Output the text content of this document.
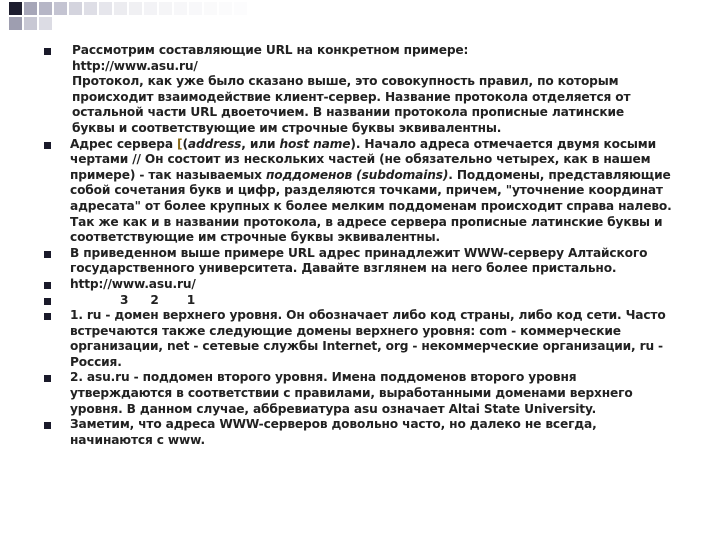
Рассмотрим составляющие URL на конкретном примере:
http://www.asu.ru/
Протокол, как уже было сказано выше, это совокупность правил, по которым
происходит взаимодействие клиент-сервер. Название протокола отделяется от
остальной части URL двоеточием. В названии протокола прописные латинские
буквы и соответствующие им строчные буквы эквивалентны.
Адрес сервера [(address, или host name). Начало адреса отмечается двумя косыми
чертами // Он состоит из нескольких частей (не обязательно четырех, как в нашем
примере) - так называемых поддоменов (subdomains). Поддомены, представляющие
собой сочетания букв и цифр, разделяются точками, причем, "уточнение координат
адресата" от более крупных к более мелким поддоменам происходит справа налево.
Так же как и в названии протокола, в адресе сервера прописные латинские буквы и
соответствующие им строчные буквы эквивалентны.
В приведенном выше примере URL адрес принадлежит WWW-серверу Алтайского
государственного университета. Давайте взглянем на него более пристально.
http://www.asu.ru/
3 2 1
1. ru - домен верхнего уровня. Он обозначает либо код страны, либо код сети. Часто
встречаются также следующие домены верхнего уровня: com - коммерческие
организации, net - сетевые службы Internet, org - некоммерческие организации, ru -
Россия.
2. asu.ru - поддомен второго уровня. Имена поддоменов второго уровня
утверждаются в соответствии с правилами, выработанными доменами верхнего
уровня. В данном случае, аббревиатура asu означает Altai State University.
Заметим, что адреса WWW-серверов довольно часто, но далеко не всегда,
начинаются с www.
